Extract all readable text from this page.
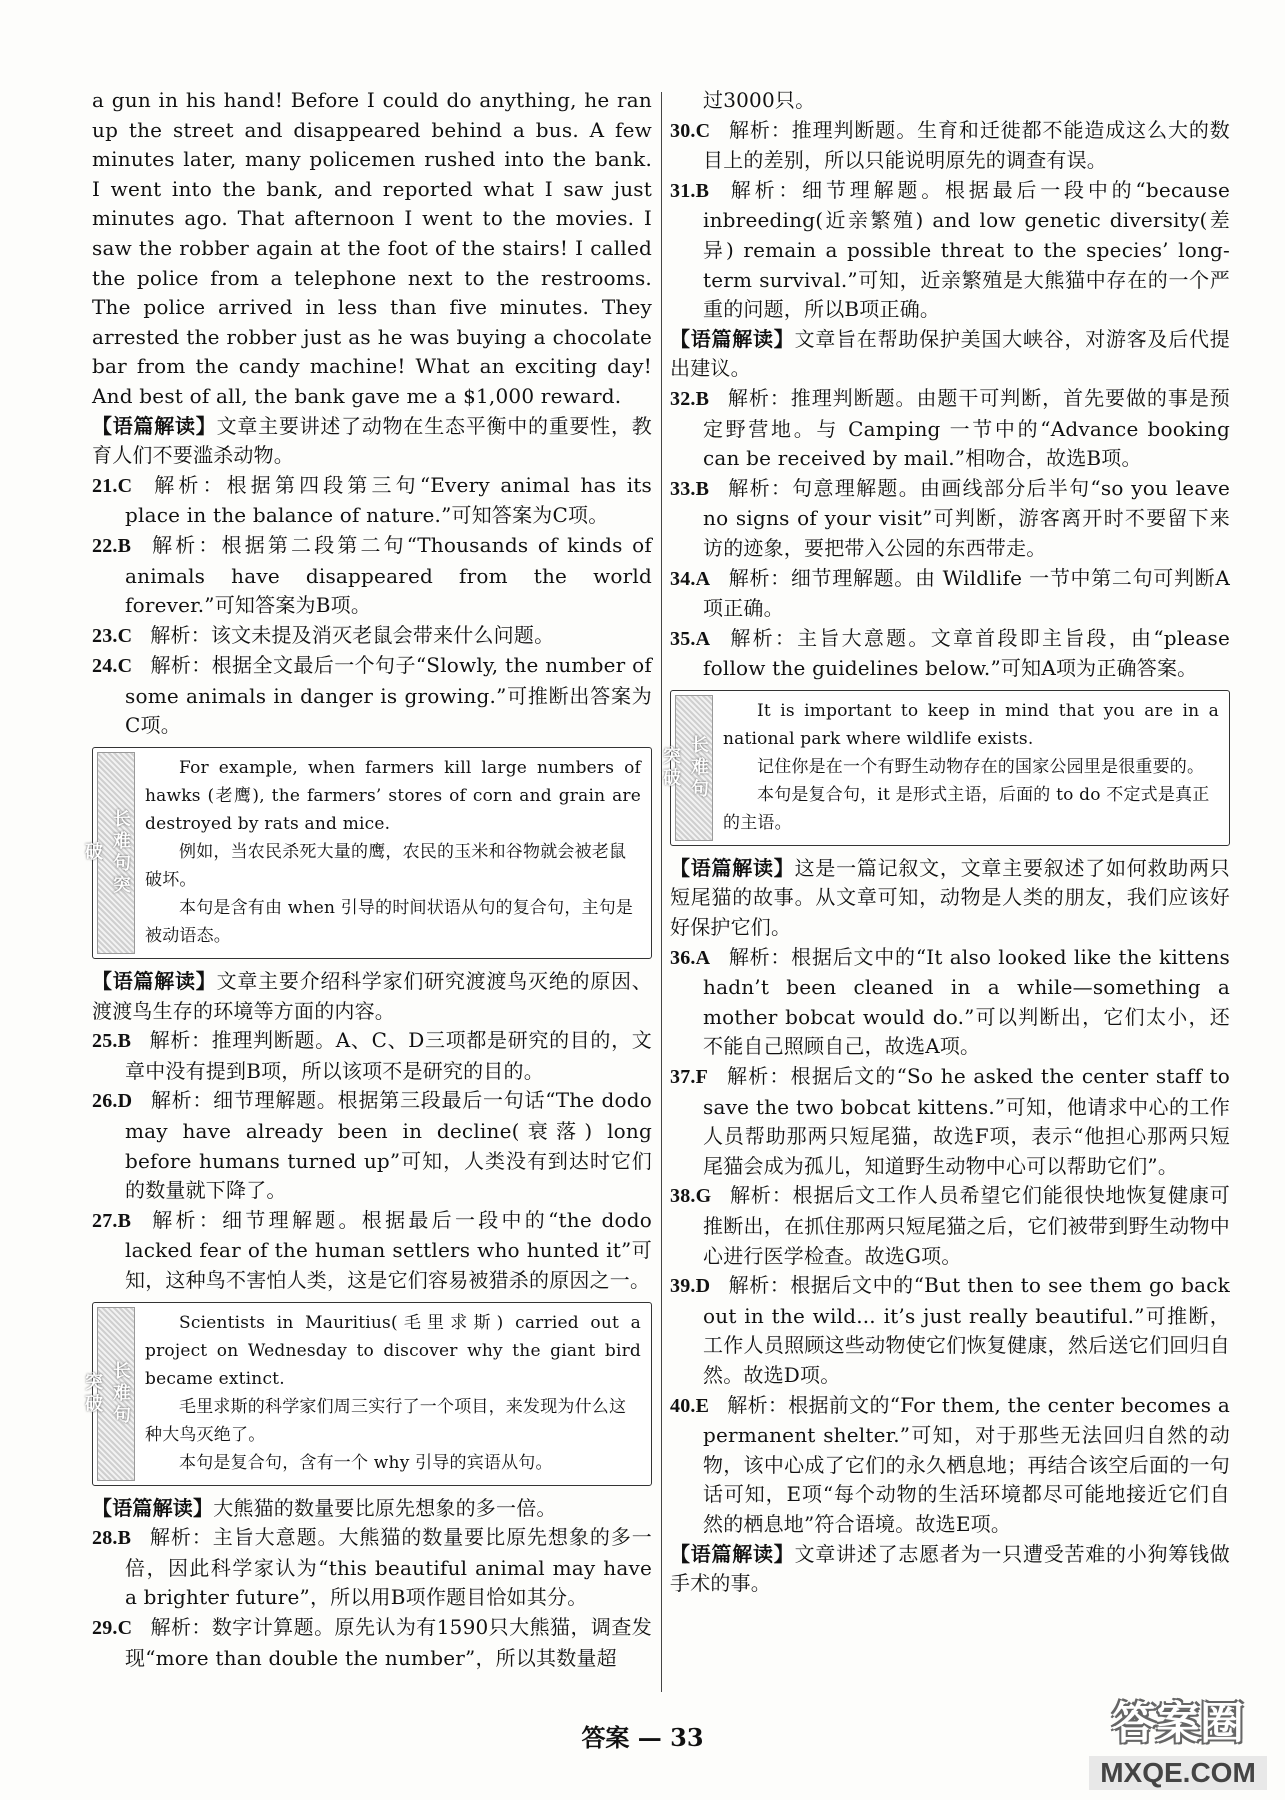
a gun in his hand! Before I could do anything, he ran up the street and disappeared behind a bus. A few minutes later, many policemen rushed into the bank. I went into the bank, and reported what I saw just minutes ago. That afternoon I went to the movies. I saw the robber again at the foot of the stairs! I called the police from a telephone next to the restrooms. The police arrived in less than five minutes. They arrested the robber just as he was buying a chocolate bar from the candy machine! What an exciting day! And best of all, the bank gave me a $1,000 reward.

【语篇解读】文章主要讲述了动物在生态平衡中的重要性，教育人们不要滥杀动物。

21.C 解析：根据第四段第三句“Every animal has its place in the balance of nature.”可知答案为C项。

22.B 解析：根据第二段第二句“Thousands of kinds of animals have disappeared from the world forever.”可知答案为B项。

23.C 解析：该文未提及消灭老鼠会带来什么问题。

24.C 解析：根据全文最后一个句子“Slowly, the number of some animals in danger is growing.”可推断出答案为C项。

长难句突破

For example, when farmers kill large numbers of hawks (老鹰), the farmers’ stores of corn and grain are destroyed by rats and mice.

例如，当农民杀死大量的鹰，农民的玉米和谷物就会被老鼠破坏。

本句是含有由 when 引导的时间状语从句的复合句，主句是被动语态。

【语篇解读】文章主要介绍科学家们研究渡渡鸟灭绝的原因、渡渡鸟生存的环境等方面的内容。

25.B 解析：推理判断题。A、C、D三项都是研究的目的，文章中没有提到B项，所以该项不是研究的目的。

26.D 解析：细节理解题。根据第三段最后一句话“The dodo may have already been in decline(衰落) long before humans turned up”可知，人类没有到达时它们的数量就下降了。

27.B 解析：细节理解题。根据最后一段中的“the dodo lacked fear of the human settlers who hunted it”可知，这种鸟不害怕人类，这是它们容易被猎杀的原因之一。

长难句突破

Scientists in Mauritius(毛里求斯) carried out a project on Wednesday to discover why the giant bird became extinct.

毛里求斯的科学家们周三实行了一个项目，来发现为什么这种大鸟灭绝了。

本句是复合句，含有一个 why 引导的宾语从句。

【语篇解读】大熊猫的数量要比原先想象的多一倍。

28.B 解析：主旨大意题。大熊猫的数量要比原先想象的多一倍，因此科学家认为“this beautiful animal may have a brighter future”，所以用B项作题目恰如其分。

29.C 解析：数字计算题。原先认为有1590只大熊猫，调查发现“more than double the number”，所以其数量超

过3000只。

30.C 解析：推理判断题。生育和迁徙都不能造成这么大的数目上的差别，所以只能说明原先的调查有误。

31.B 解析：细节理解题。根据最后一段中的“because inbreeding(近亲繁殖) and low genetic diversity(差异) remain a possible threat to the species’ long-term survival.”可知，近亲繁殖是大熊猫中存在的一个严重的问题，所以B项正确。

【语篇解读】文章旨在帮助保护美国大峡谷，对游客及后代提出建议。

32.B 解析：推理判断题。由题干可判断，首先要做的事是预定野营地。与 Camping 一节中的“Advance booking can be received by mail.”相吻合，故选B项。

33.B 解析：句意理解题。由画线部分后半句“so you leave no signs of your visit”可判断，游客离开时不要留下来访的迹象，要把带入公园的东西带走。

34.A 解析：细节理解题。由 Wildlife 一节中第二句可判断A项正确。

35.A 解析：主旨大意题。文章首段即主旨段，由“please follow the guidelines below.”可知A项为正确答案。

长难句突破

It is important to keep in mind that you are in a national park where wildlife exists.

记住你是在一个有野生动物存在的国家公园里是很重要的。

本句是复合句，it 是形式主语，后面的 to do 不定式是真正的主语。

【语篇解读】这是一篇记叙文，文章主要叙述了如何救助两只短尾猫的故事。从文章可知，动物是人类的朋友，我们应该好好保护它们。

36.A 解析：根据后文中的“It also looked like the kittens hadn’t been cleaned in a while—something a mother bobcat would do.”可以判断出，它们太小，还不能自己照顾自己，故选A项。

37.F 解析：根据后文的“So he asked the center staff to save the two bobcat kittens.”可知，他请求中心的工作人员帮助那两只短尾猫，故选F项，表示“他担心那两只短尾猫会成为孤儿，知道野生动物中心可以帮助它们”。

38.G 解析：根据后文工作人员希望它们能很快地恢复健康可推断出，在抓住那两只短尾猫之后，它们被带到野生动物中心进行医学检查。故选G项。

39.D 解析：根据后文中的“But then to see them go back out in the wild... it’s just really beautiful.”可推断，工作人员照顾这些动物使它们恢复健康，然后送它们回归自然。故选D项。

40.E 解析：根据前文的“For them, the center becomes a permanent shelter.”可知，对于那些无法回归自然的动物，该中心成了它们的永久栖息地；再结合该空后面的一句话可知，E项“每个动物的生活环境都尽可能地接近它们自然的栖息地”符合语境。故选E项。

【语篇解读】文章讲述了志愿者为一只遭受苦难的小狗筹钱做手术的事。

答案 — 33	答案圈
MXQE.COM
